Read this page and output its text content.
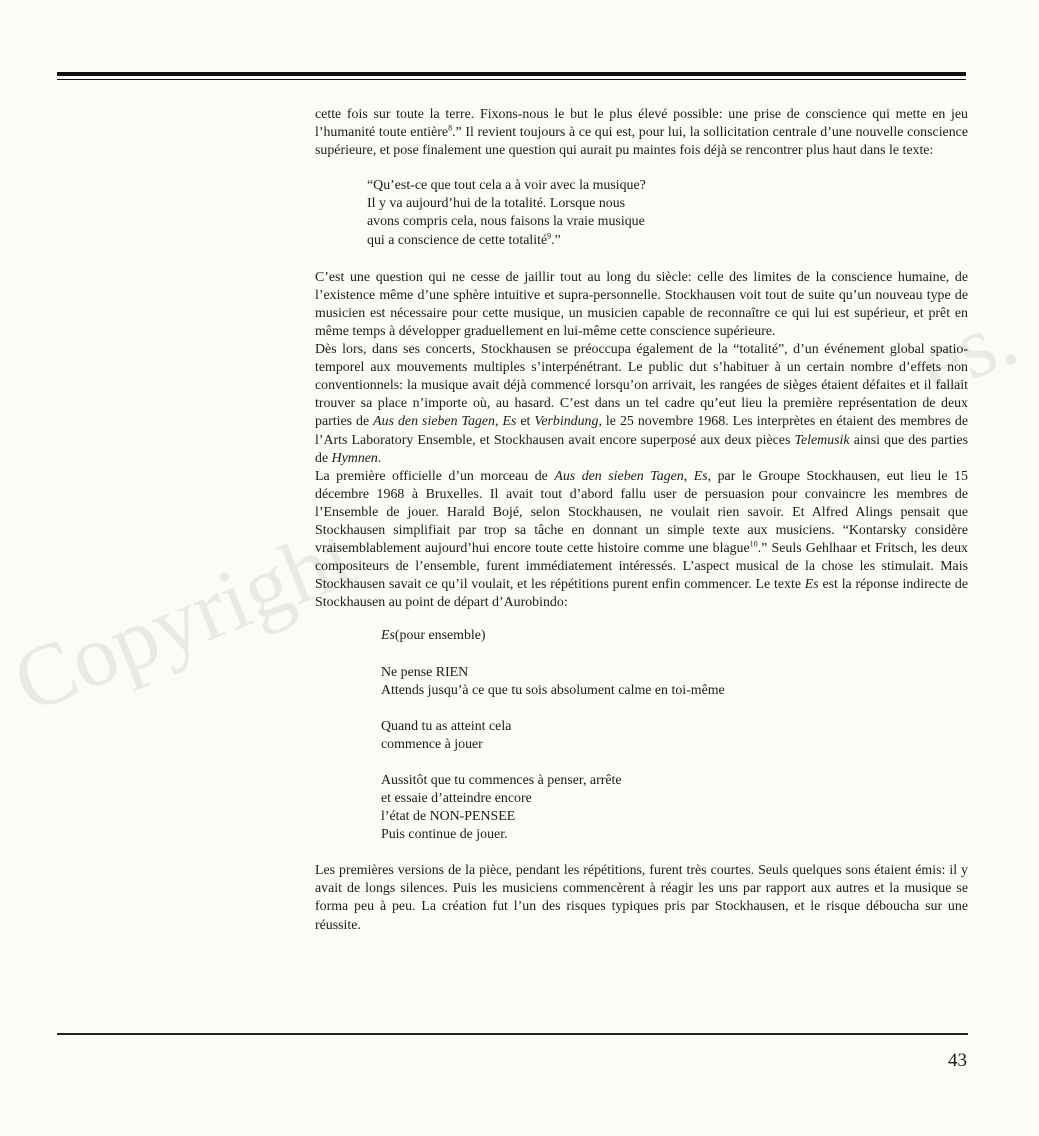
Copyright
es.

cette fois sur toute la terre. Fixons-nous le but le plus élevé possible: une prise de conscience qui mette en jeu l’humanité toute entière$^8$.” Il revient toujours à ce qui est, pour lui, la sollicitation centrale d’une nouvelle conscience supérieure, et pose finalement une question qui aurait pu maintes fois déjà se rencontrer plus haut dans le texte:

“Qu’est-ce que tout cela a à voir avec la musique?
Il y va aujourd’hui de la totalité. Lorsque nous
avons compris cela, nous faisons la vraie musique
qui a conscience de cette totalité$^9$.”

C’est une question qui ne cesse de jaillir tout au long du siècle: celle des limites de la conscience humaine, de l’existence même d’une sphère intuitive et supra-personnelle. Stockhausen voit tout de suite qu’un nouveau type de musicien est nécessaire pour cette musique, un musicien capable de reconnaître ce qui lui est supérieur, et prêt en même temps à développer graduellement en lui-même cette conscience supérieure.

Dès lors, dans ses concerts, Stockhausen se préoccupa également de la “totalité”, d’un événement global spatio-temporel aux mouvements multiples s’interpénétrant. Le public dut s’habituer à un certain nombre d’effets non conventionnels: la musique avait déjà commencé lorsqu’on arrivait, les rangées de sièges étaient défaites et il fallait trouver sa place n’importe où, au hasard. C’est dans un tel cadre qu’eut lieu la première représentation de deux parties de Aus den sieben Tagen, Es et Verbindung, le 25 novembre 1968. Les interprètes en étaient des membres de l’Arts Laboratory Ensemble, et Stockhausen avait encore superposé aux deux pièces Telemusik ainsi que des parties de Hymnen.

La première officielle d’un morceau de Aus den sieben Tagen, Es, par le Groupe Stockhausen, eut lieu le 15 décembre 1968 à Bruxelles. Il avait tout d’abord fallu user de persuasion pour convaincre les membres de l’Ensemble de jouer. Harald Bojé, selon Stockhausen, ne voulait rien savoir. Et Alfred Alings pensait que Stockhausen simplifiait par trop sa tâche en donnant un simple texte aux musiciens. “Kontarsky considère vraisemblablement aujourd’hui encore toute cette histoire comme une blague$^{10}$.” Seuls Gehlhaar et Fritsch, les deux compositeurs de l’ensemble, furent immédiatement intéressés. L’aspect musical de la chose les stimulait. Mais Stockhausen savait ce qu’il voulait, et les répétitions purent enfin commencer. Le texte Es est la réponse indirecte de Stockhausen au point de départ d’Aurobindo:

Es(pour ensemble)
Ne pense RIEN
Attends jusqu’à ce que tu sois absolument calme en toi-même
Quand tu as atteint cela
commence à jouer
Aussitôt que tu commences à penser, arrête
et essaie d’atteindre encore
l’état de NON-PENSEE
Puis continue de jouer.

Les premières versions de la pièce, pendant les répétitions, furent très courtes. Seuls quelques sons étaient émis: il y avait de longs silences. Puis les musiciens commencèrent à réagir les uns par rapport aux autres et la musique se forma peu à peu. La création fut l’un des risques typiques pris par Stockhausen, et le risque déboucha sur une réussite.

43
